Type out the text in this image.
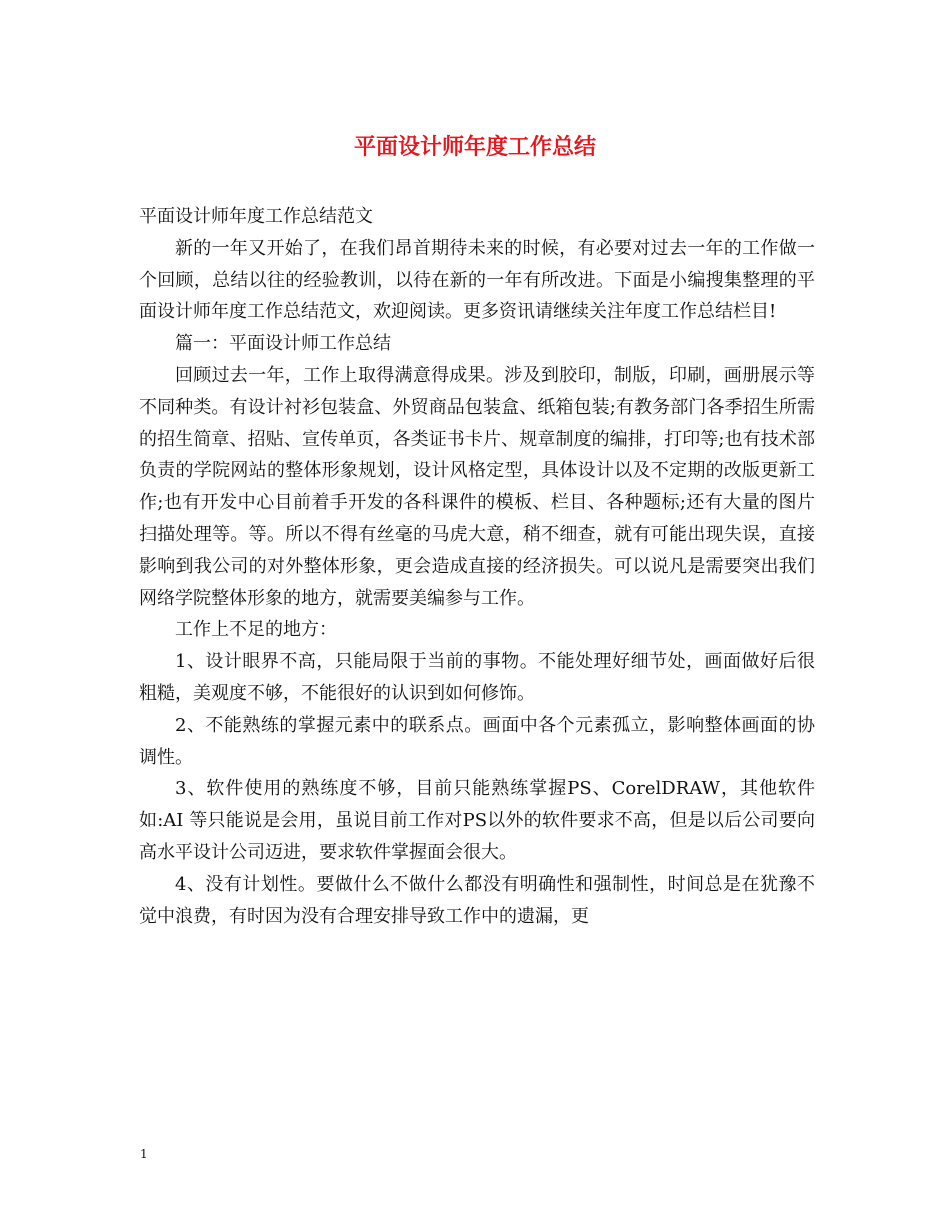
平面设计师年度工作总结

平面设计师年度工作总结范文

新的一年又开始了，在我们昂首期待未来的时候，有必要对过去一年的工作做一个回顾，总结以往的经验教训，以待在新的一年有所改进。下面是小编搜集整理的平面设计师年度工作总结范文，欢迎阅读。更多资讯请继续关注年度工作总结栏目!

篇一：平面设计师工作总结

回顾过去一年，工作上取得满意得成果。涉及到胶印，制版，印刷，画册展示等不同种类。有设计衬衫包装盒、外贸商品包装盒、纸箱包装;有教务部门各季招生所需的招生简章、招贴、宣传单页，各类证书卡片、规章制度的编排，打印等;也有技术部负责的学院网站的整体形象规划，设计风格定型，具体设计以及不定期的改版更新工作;也有开发中心目前着手开发的各科课件的模板、栏目、各种题标;还有大量的图片扫描处理等。等。所以不得有丝毫的马虎大意，稍不细查，就有可能出现失误，直接影响到我公司的对外整体形象，更会造成直接的经济损失。可以说凡是需要突出我们网络学院整体形象的地方，就需要美编参与工作。

工作上不足的地方：

1、设计眼界不高，只能局限于当前的事物。不能处理好细节处，画面做好后很粗糙，美观度不够，不能很好的认识到如何修饰。

2、不能熟练的掌握元素中的联系点。画面中各个元素孤立，影响整体画面的协调性。

3、软件使用的熟练度不够，目前只能熟练掌握PS、CorelDRAW，其他软件如:AI 等只能说是会用，虽说目前工作对PS以外的软件要求不高，但是以后公司要向高水平设计公司迈进，要求软件掌握面会很大。

4、没有计划性。要做什么不做什么都没有明确性和强制性，时间总是在犹豫不觉中浪费，有时因为没有合理安排导致工作中的遗漏，更

1
